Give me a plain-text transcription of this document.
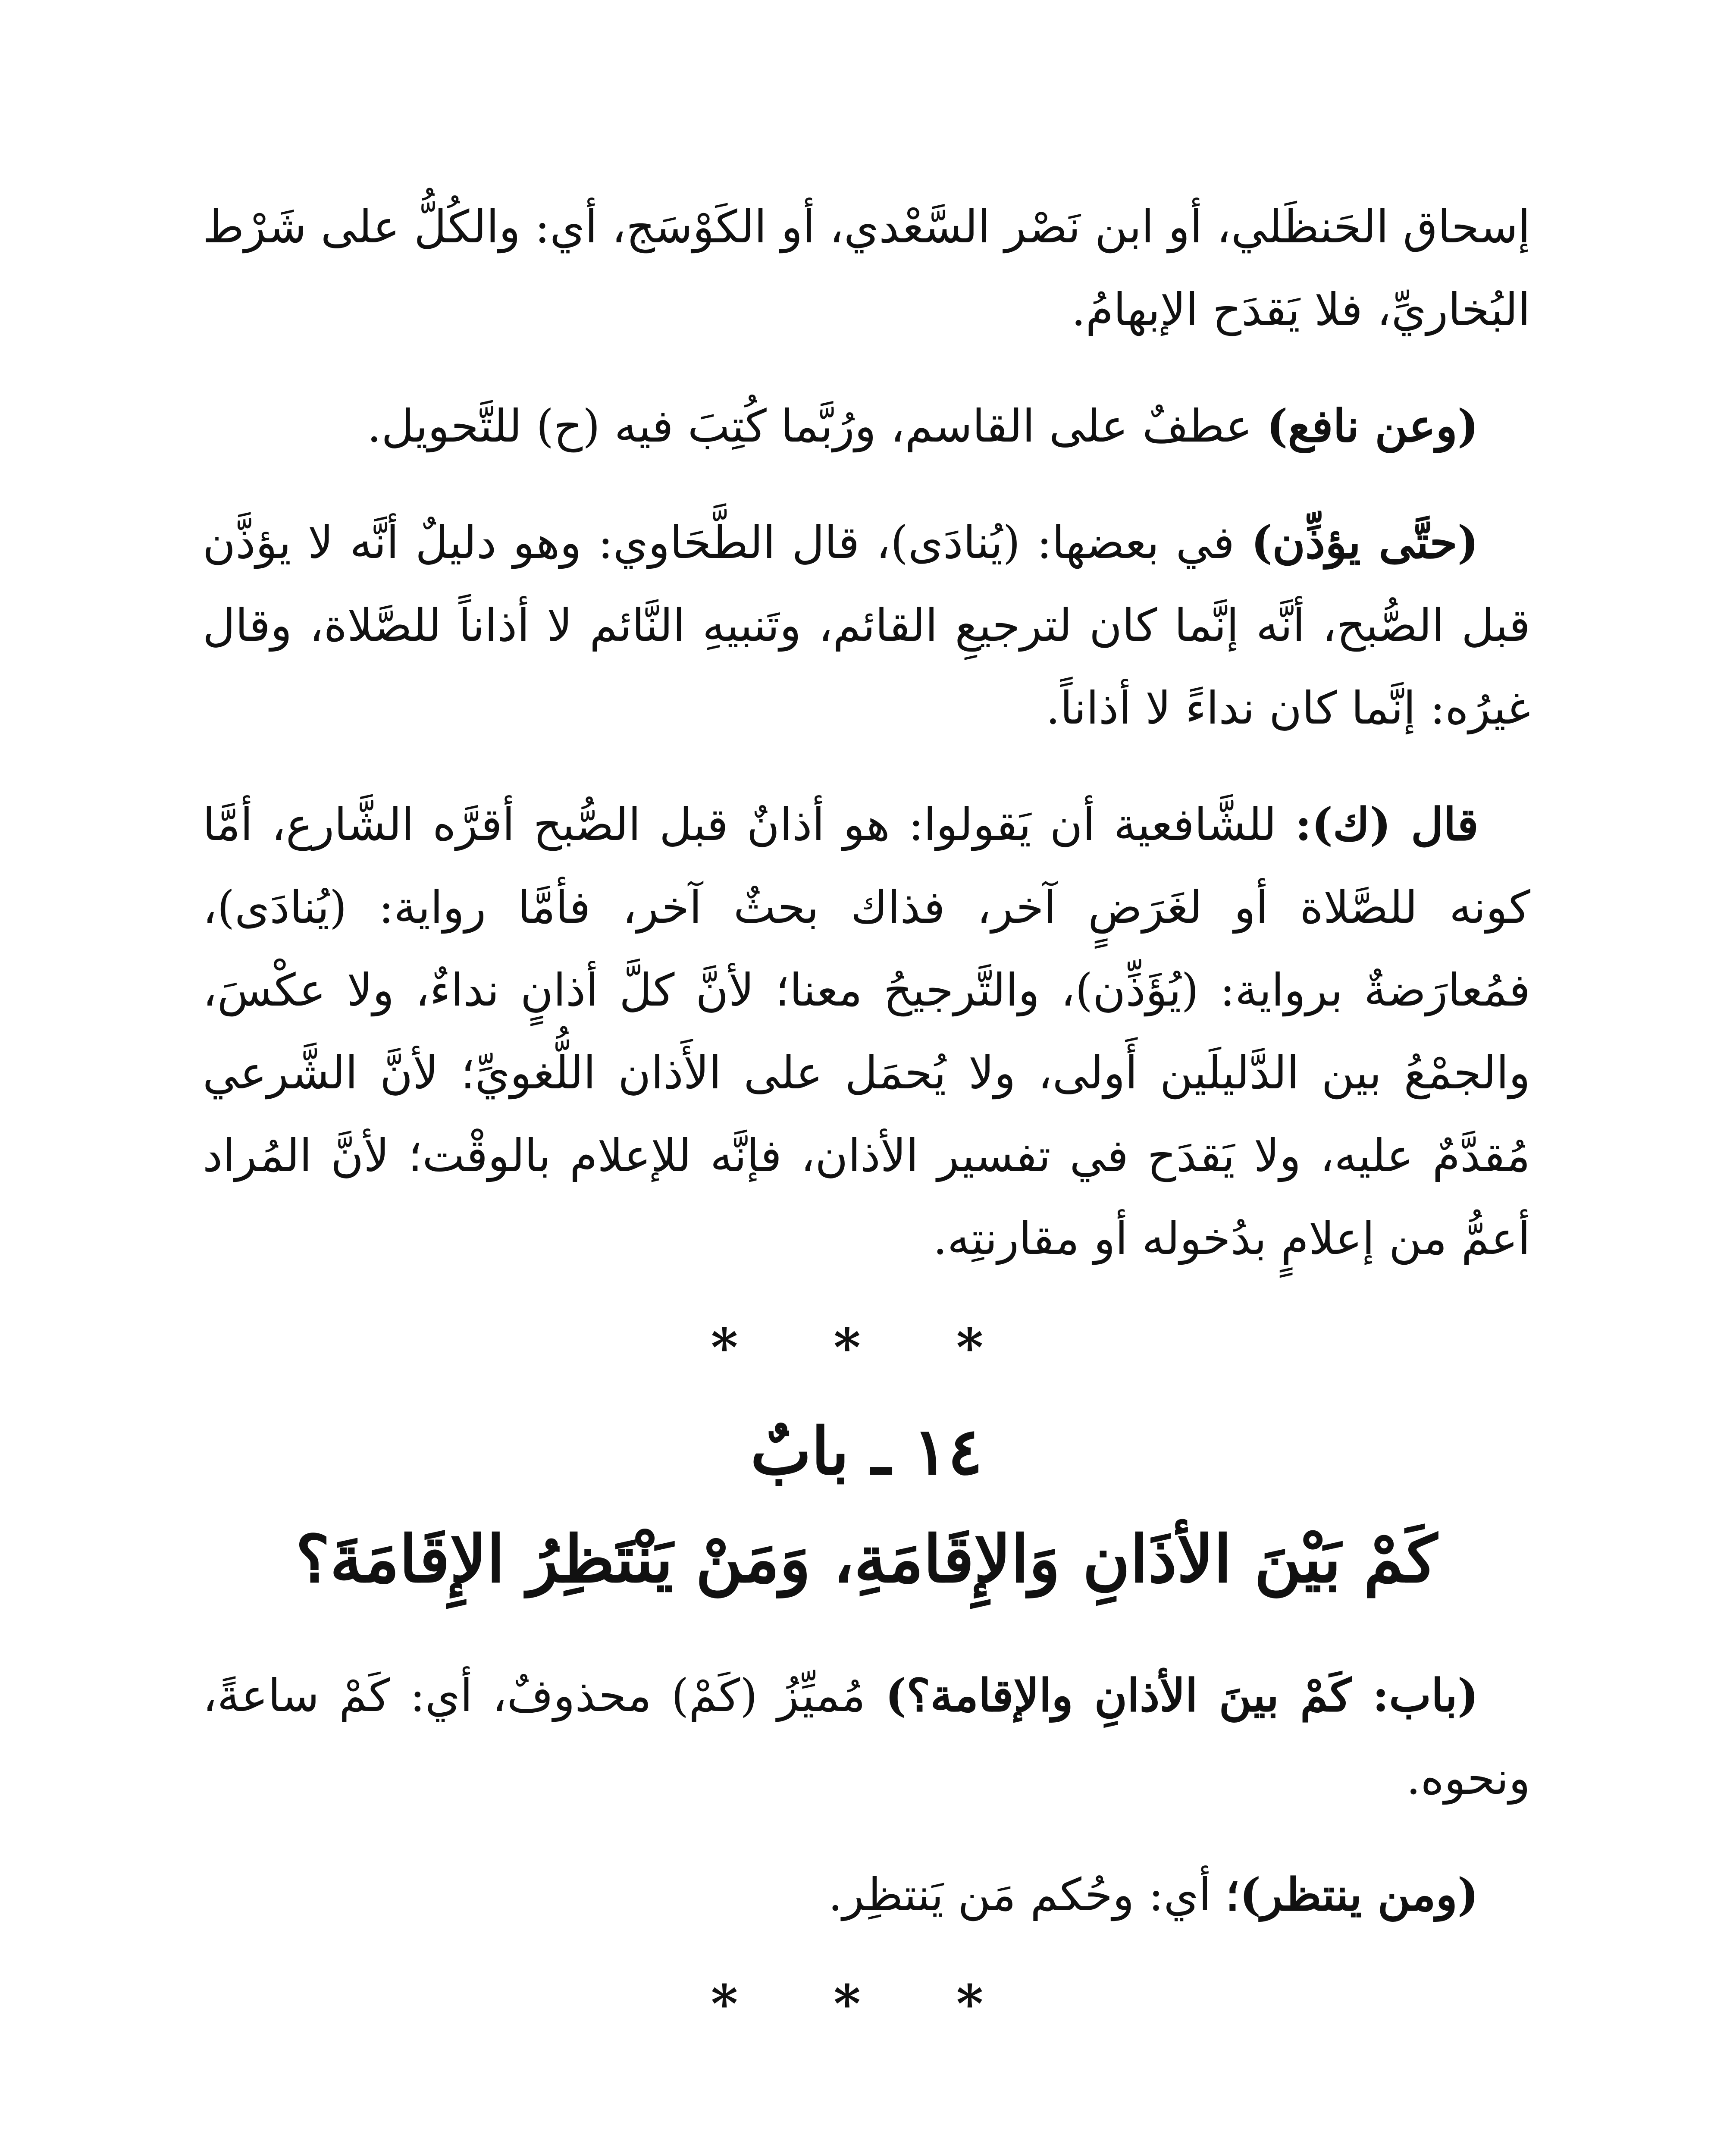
إسحاق الحَنظَلي، أو ابن نَصْر السَّعْدي، أو الكَوْسَج، أي: والكُلُّ على شَرْط البُخاريِّ، فلا يَقدَح الإبهامُ.

(وعن نافع) عطفٌ على القاسم، ورُبَّما كُتِبَ فيه (ح) للتَّحويل.

(حتَّى يؤذِّن) في بعضها: (يُنادَى)، قال الطَّحَاوي: وهو دليلٌ أنَّه لا يؤذَّن قبل الصُّبح، أنَّه إنَّما كان لترجيعِ القائم، وتَنبيهِ النَّائم لا أذاناً للصَّلاة، وقال غيرُه: إنَّما كان نداءً لا أذاناً.

قال (ك): للشَّافعية أن يَقولوا: هو أذانٌ قبل الصُّبح أقرَّه الشَّارع، أمَّا كونه للصَّلاة أو لغَرَضٍ آخر، فذاك بحثٌ آخر، فأمَّا رواية: (يُنادَى)، فمُعارَضةٌ برواية: (يُؤَذِّن)، والتَّرجيحُ معنا؛ لأنَّ كلَّ أذانٍ نداءٌ، ولا عكْسَ، والجمْعُ بين الدَّليلَين أَولى، ولا يُحمَل على الأَذان اللُّغويِّ؛ لأنَّ الشَّرعي مُقدَّمٌ عليه، ولا يَقدَح في تفسير الأذان، فإنَّه للإعلام بالوقْت؛ لأنَّ المُراد أعمُّ من إعلامٍ بدُخوله أو مقارنتِه.

* * *
١٤ ـ بابٌ
كَمْ بَيْنَ الأذَانِ وَالإِقَامَةِ، وَمَنْ يَنْتَظِرُ الإِقَامَةَ؟

(باب: كَمْ بينَ الأذانِ والإقامة؟) مُميِّزُ (كَمْ) محذوفٌ، أي: كَمْ ساعةً، ونحوه.

(ومن ينتظر)؛ أي: وحُكم مَن يَنتظِر.

* * *
